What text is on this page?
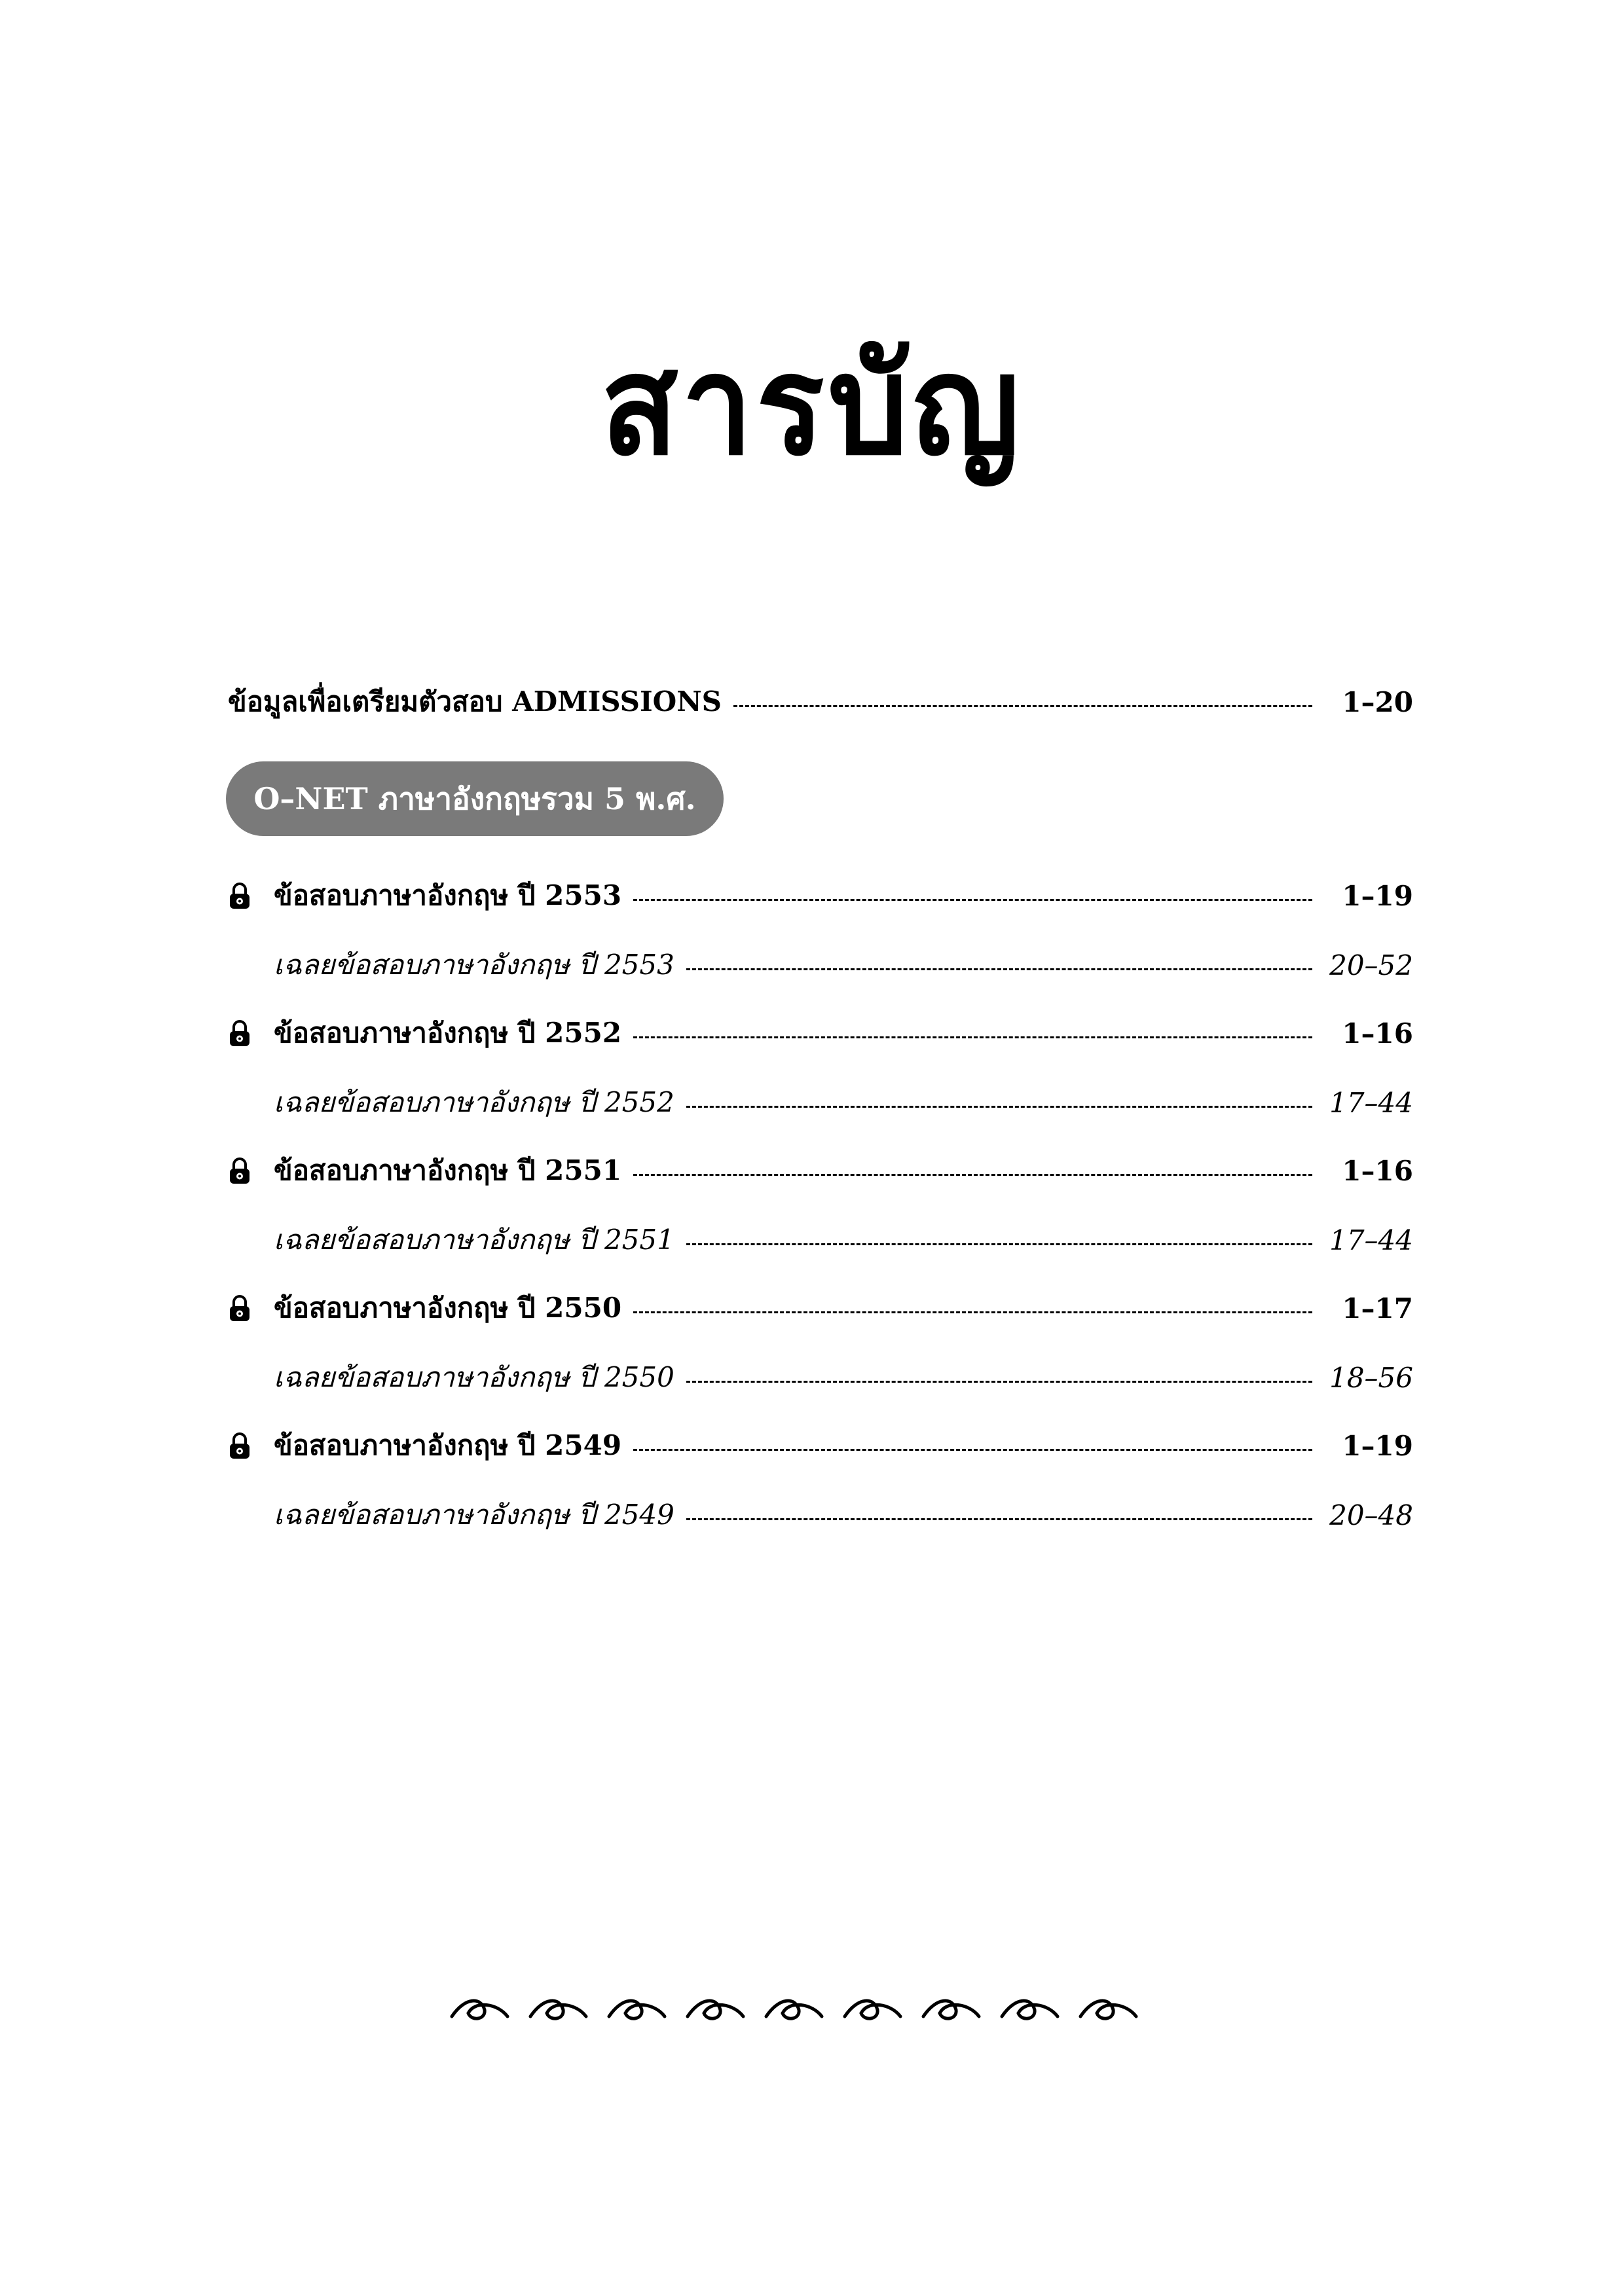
สารบัญ
ข้อมูลเพื่อเตรียมตัวสอบ ADMISSIONS	1–20
O–NET ภาษาอังกฤษรวม 5 พ.ศ.
ข้อสอบภาษาอังกฤษ ปี 2553	1–19
เฉลยข้อสอบภาษาอังกฤษ ปี 2553	20–52
ข้อสอบภาษาอังกฤษ ปี 2552	1–16
เฉลยข้อสอบภาษาอังกฤษ ปี 2552	17–44
ข้อสอบภาษาอังกฤษ ปี 2551	1–16
เฉลยข้อสอบภาษาอังกฤษ ปี 2551	17–44
ข้อสอบภาษาอังกฤษ ปี 2550	1–17
เฉลยข้อสอบภาษาอังกฤษ ปี 2550	18–56
ข้อสอบภาษาอังกฤษ ปี 2549	1–19
เฉลยข้อสอบภาษาอังกฤษ ปี 2549	20–48
